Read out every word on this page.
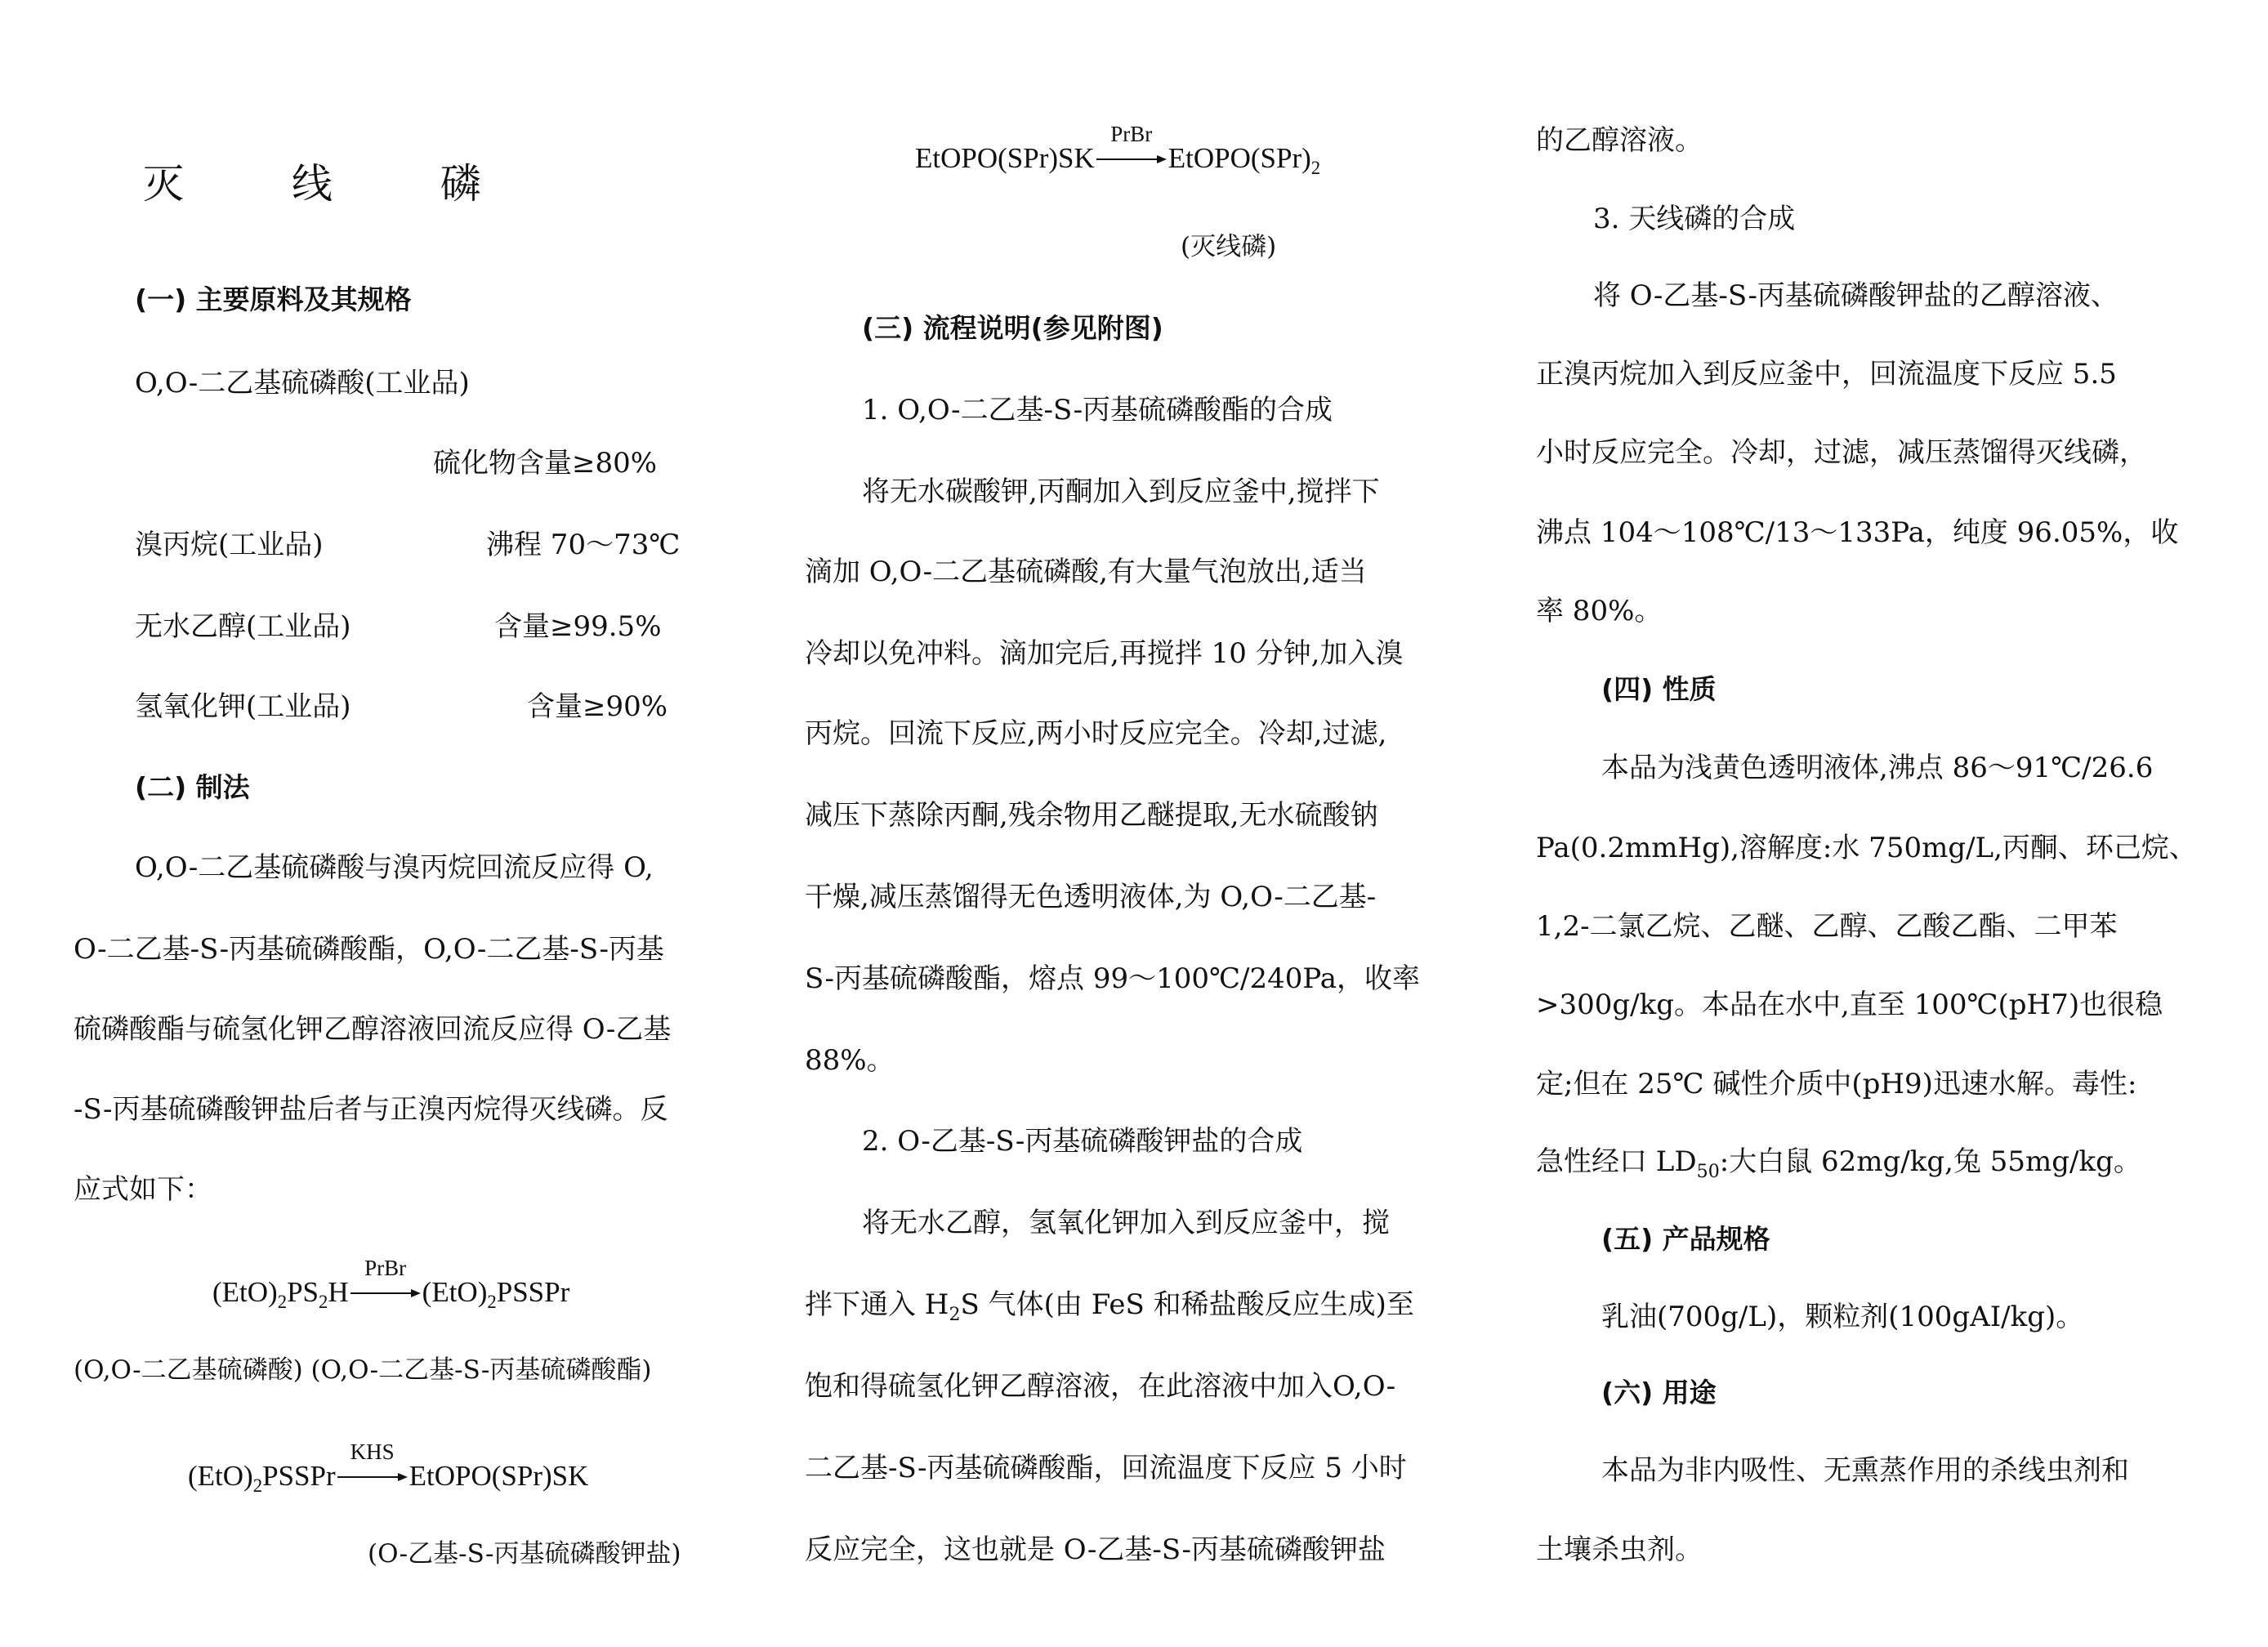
灭 线 磷
(一) 主要原料及其规格
O,O-二乙基硫磷酸(工业品)
硫化物含量≥80%
溴丙烷(工业品)	沸程 70～73℃
无水乙醇(工业品)	含量≥99.5%
氢氧化钾(工业品)	含量≥90%
(二) 制法
O,O-二乙基硫磷酸与溴丙烷回流反应得 O,
O-二乙基-S-丙基硫磷酸酯，O,O-二乙基-S-丙基
硫磷酸酯与硫氢化钾乙醇溶液回流反应得 O-乙基
-S-丙基硫磷酸钾盐后者与正溴丙烷得灭线磷。反
应式如下：
$(EtO)_2PS_2H$
PrBr
$(EtO)_2PSSPr$
(O,O-二乙基硫磷酸) (O,O-二乙基-S-丙基硫磷酸酯)
$(EtO)_2PSSPr$
KHS
EtOPO(SPr)SK
(O-乙基-S-丙基硫磷酸钾盐)
EtOPO(SPr)SK
PrBr
$EtOPO(SPr)_2$
(灭线磷)
(三) 流程说明(参见附图)
1. O,O-二乙基-S-丙基硫磷酸酯的合成
将无水碳酸钾,丙酮加入到反应釜中,搅拌下
滴加 O,O-二乙基硫磷酸,有大量气泡放出,适当
冷却以免冲料。滴加完后,再搅拌 10 分钟,加入溴
丙烷。回流下反应,两小时反应完全。冷却,过滤,
减压下蒸除丙酮,残余物用乙醚提取,无水硫酸钠
干燥,减压蒸馏得无色透明液体,为 O,O-二乙基-
S-丙基硫磷酸酯，熔点 99～100℃/240Pa，收率
88%。
2. O-乙基-S-丙基硫磷酸钾盐的合成
将无水乙醇，氢氧化钾加入到反应釜中，搅
拌下通入 $H_2S$ 气体(由 FeS 和稀盐酸反应生成)至
饱和得硫氢化钾乙醇溶液，在此溶液中加入O,O-
二乙基-S-丙基硫磷酸酯，回流温度下反应 5 小时
反应完全，这也就是 O-乙基-S-丙基硫磷酸钾盐
的乙醇溶液。
3. 天线磷的合成
将 O-乙基-S-丙基硫磷酸钾盐的乙醇溶液、
正溴丙烷加入到反应釜中，回流温度下反应 5.5
小时反应完全。冷却，过滤，减压蒸馏得灭线磷，
沸点 104～108℃/13～133Pa，纯度 96.05%，收
率 80%。
(四) 性质
本品为浅黄色透明液体,沸点 86～91℃/26.6
Pa(0.2mmHg),溶解度:水 750mg/L,丙酮、环己烷、
1,2-二氯乙烷、乙醚、乙醇、乙酸乙酯、二甲苯
>300g/kg。本品在水中,直至 100℃(pH7)也很稳
定;但在 25℃ 碱性介质中(pH9)迅速水解。毒性:
急性经口 $LD_{50}$:大白鼠 62mg/kg,兔 55mg/kg。
(五) 产品规格
乳油(700g/L)，颗粒剂(100gAI/kg)。
(六) 用途
本品为非内吸性、无熏蒸作用的杀线虫剂和
土壤杀虫剂。
